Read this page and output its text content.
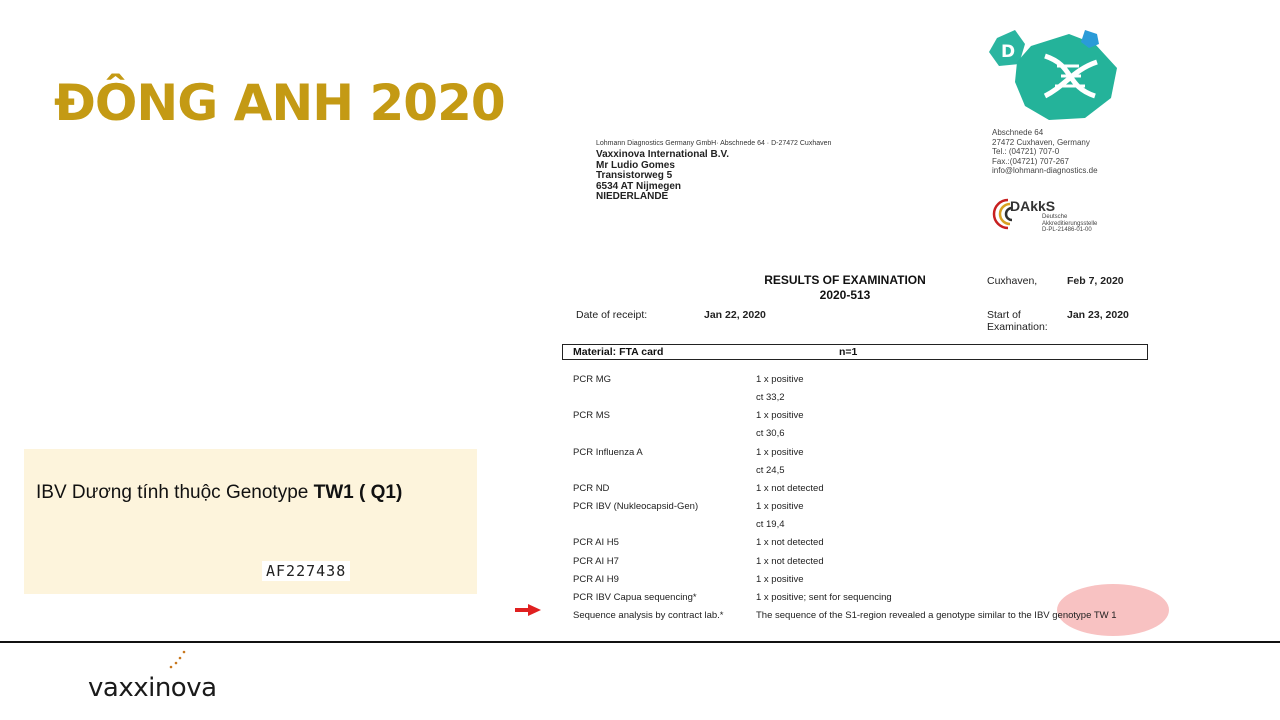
ĐÔNG ANH 2020
IBV Dương tính thuộc Genotype TW1 ( Q1)
AF227438
D
Abschnede 64
27472 Cuxhaven, Germany
Tel.: (04721) 707-0
Fax.:(04721) 707-267
info@lohmann-diagnostics.de
DAkkS
Deutsche
Akkreditierungsstelle
D-PL-21486-01-00
Lohmann Diagnostics Germany GmbH· Abschnede 64 · D-27472 Cuxhaven
Vaxxinova International B.V.
Mr Ludio Gomes
Transistorweg 5
6534 AT Nijmegen
NIEDERLANDE
RESULTS OF EXAMINATION
2020-513
Cuxhaven,	Feb 7, 2020
Date of receipt:	Jan 22, 2020	Start of
Examination:
Jan 23, 2020
Material: FTA card	n=1
PCR MG	1 x positive
ct 33,2
PCR MS	1 x positive
ct 30,6
PCR Influenza A	1 x positive
ct 24,5
PCR ND	1 x not detected
PCR IBV (Nukleocapsid-Gen)	1 x positive
ct 19,4
PCR AI H5	1 x not detected
PCR AI H7	1 x not detected
PCR AI H9	1 x positive
PCR IBV Capua sequencing*	1 x positive; sent for sequencing
Sequence analysis by contract lab.*	The sequence of the S1-region revealed a genotype similar to the IBV genotype TW 1
vaxxinova
